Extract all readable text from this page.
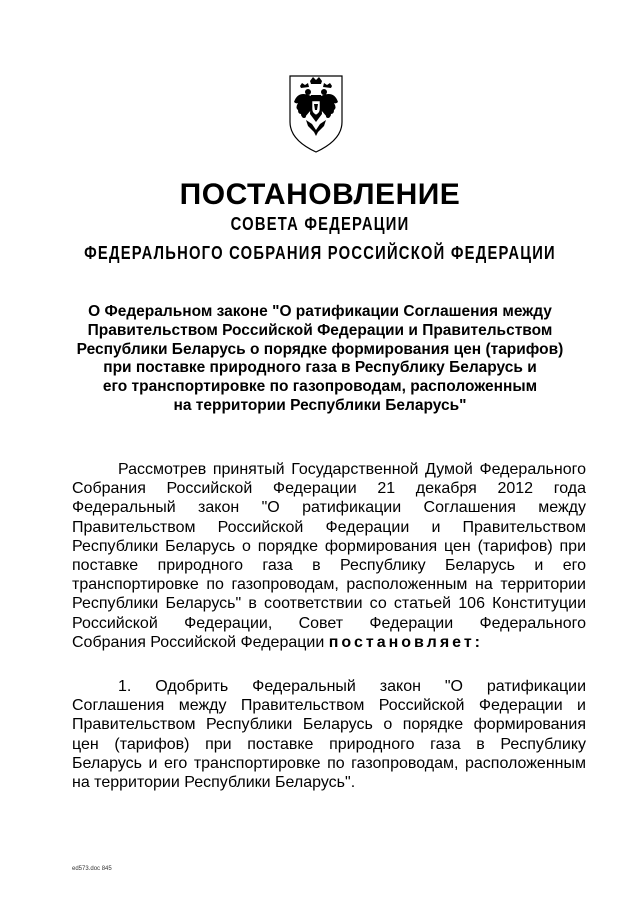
ПОСТАНОВЛЕНИЕ
СОВЕТА ФЕДЕРАЦИИ
ФЕДЕРАЛЬНОГО СОБРАНИЯ РОССИЙСКОЙ ФЕДЕРАЦИИ
О Федеральном законе "О ратификации Соглашения между
Правительством Российской Федерации и Правительством
Республики Беларусь о порядке формирования цен (тарифов)
при поставке природного газа в Республику Беларусь и
его транспортировке по газопроводам, расположенным
на территории Республики Беларусь"
Рассмотрев принятый Государственной Думой Федерального
Собрания Российской Федерации 21 декабря 2012 года
Федеральный закон "О ратификации Соглашения между
Правительством Российской Федерации и Правительством
Республики Беларусь о порядке формирования цен (тарифов) при
поставке природного газа в Республику Беларусь и его
транспортировке по газопроводам, расположенным на территории
Республики Беларусь" в соответствии со статьей 106 Конституции
Российской Федерации, Совет Федерации Федерального
Собрания Российской Федерации постановляет:
1. Одобрить Федеральный закон "О ратификации
Соглашения между Правительством Российской Федерации и
Правительством Республики Беларусь о порядке формирования
цен (тарифов) при поставке природного газа в Республику
Беларусь и его транспортировке по газопроводам, расположенным
на территории Республики Беларусь".
ed573.doc 845
